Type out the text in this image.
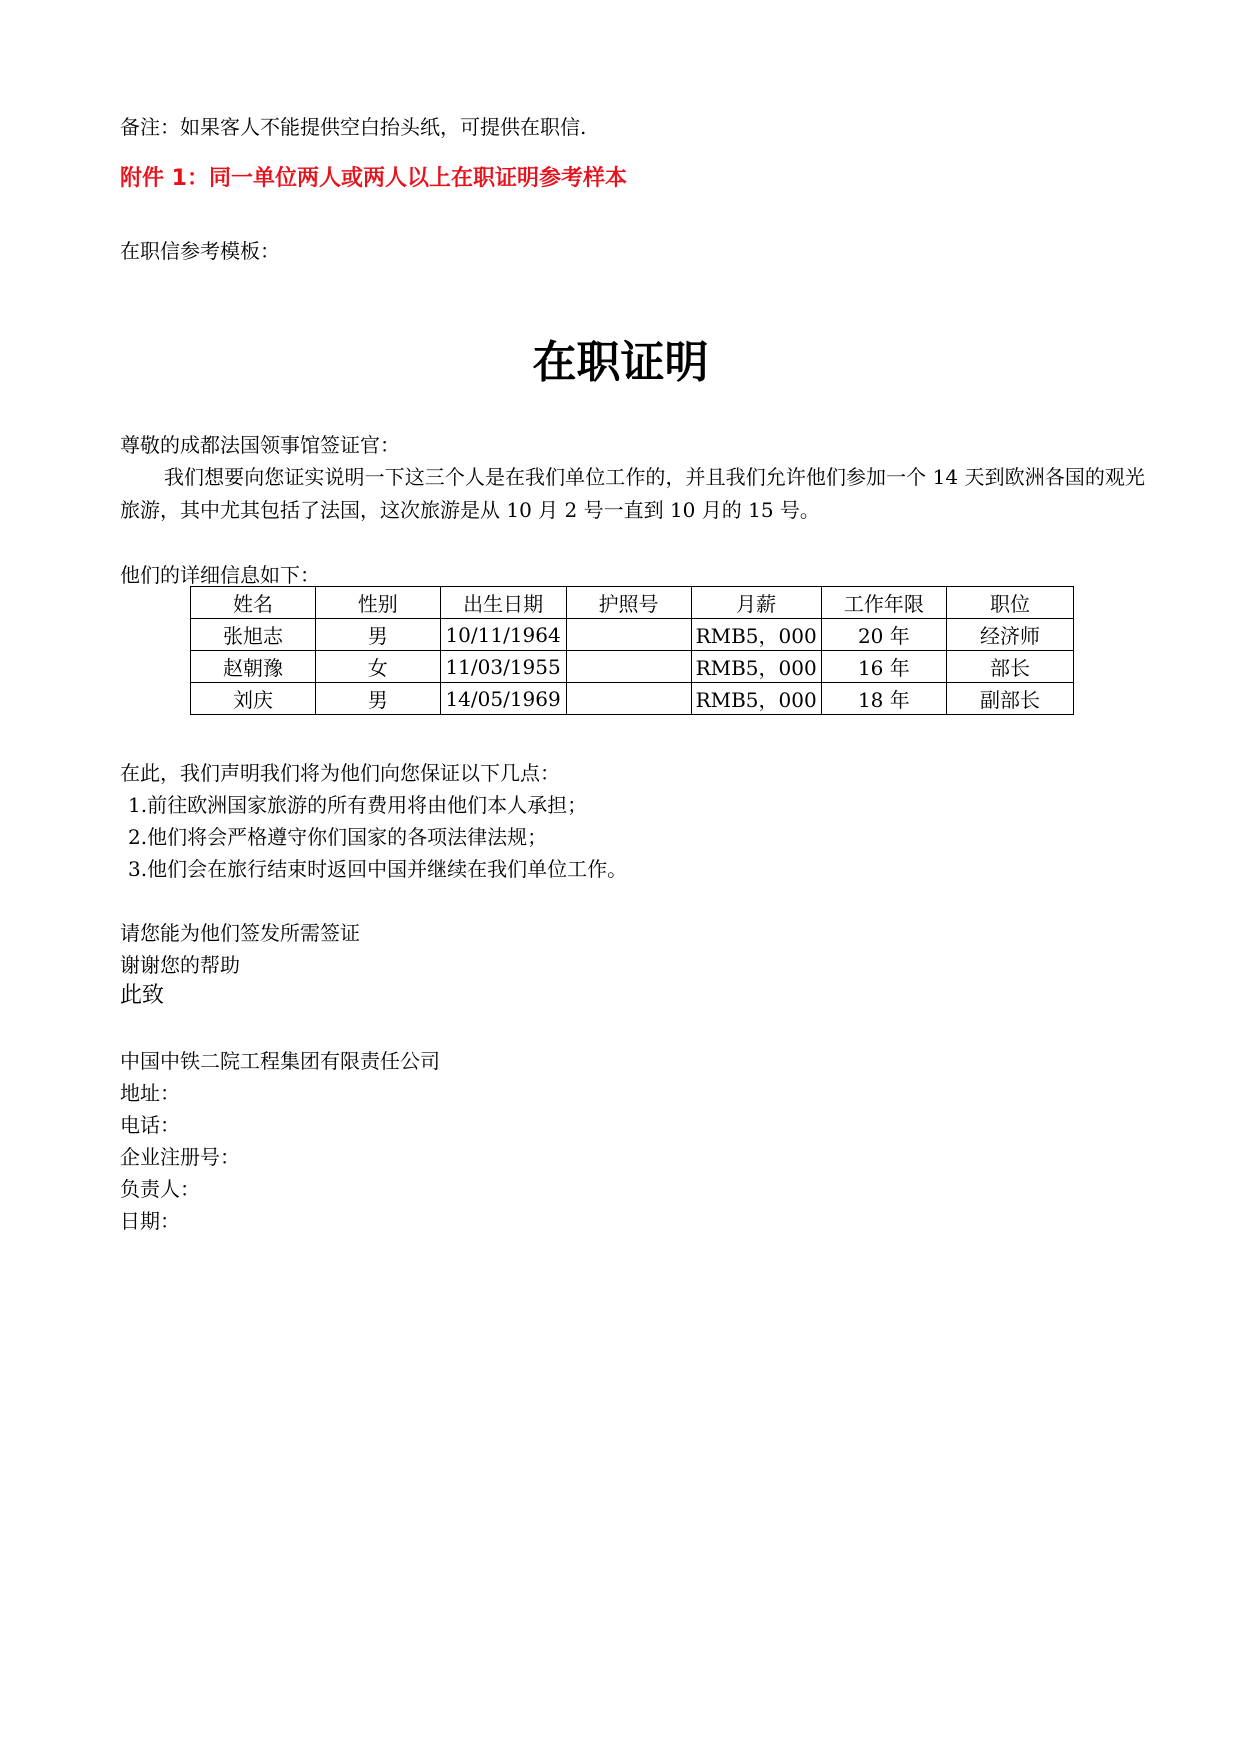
备注：如果客人不能提供空白抬头纸，可提供在职信.
附件 1：同一单位两人或两人以上在职证明参考样本
在职信参考模板：
在职证明
尊敬的成都法国领事馆签证官：
我们想要向您证实说明一下这三个人是在我们单位工作的，并且我们允许他们参加一个 14 天到欧洲各国的观光旅游，其中尤其包括了法国，这次旅游是从 10 月 2 号一直到 10 月的 15 号。
他们的详细信息如下：
姓名	性别	出生日期	护照号	月薪	工作年限	职位
张旭志	男	10/11/1964		RMB5，000	20 年	经济师
赵朝豫	女	11/03/1955		RMB5，000	16 年	部长
刘庆	男	14/05/1969		RMB5，000	18 年	副部长
在此，我们声明我们将为他们向您保证以下几点：
1.前往欧洲国家旅游的所有费用将由他们本人承担；
2.他们将会严格遵守你们国家的各项法律法规；
3.他们会在旅行结束时返回中国并继续在我们单位工作。
请您能为他们签发所需签证
谢谢您的帮助
此致
中国中铁二院工程集团有限责任公司
地址：
电话：
企业注册号：
负责人：
日期：
